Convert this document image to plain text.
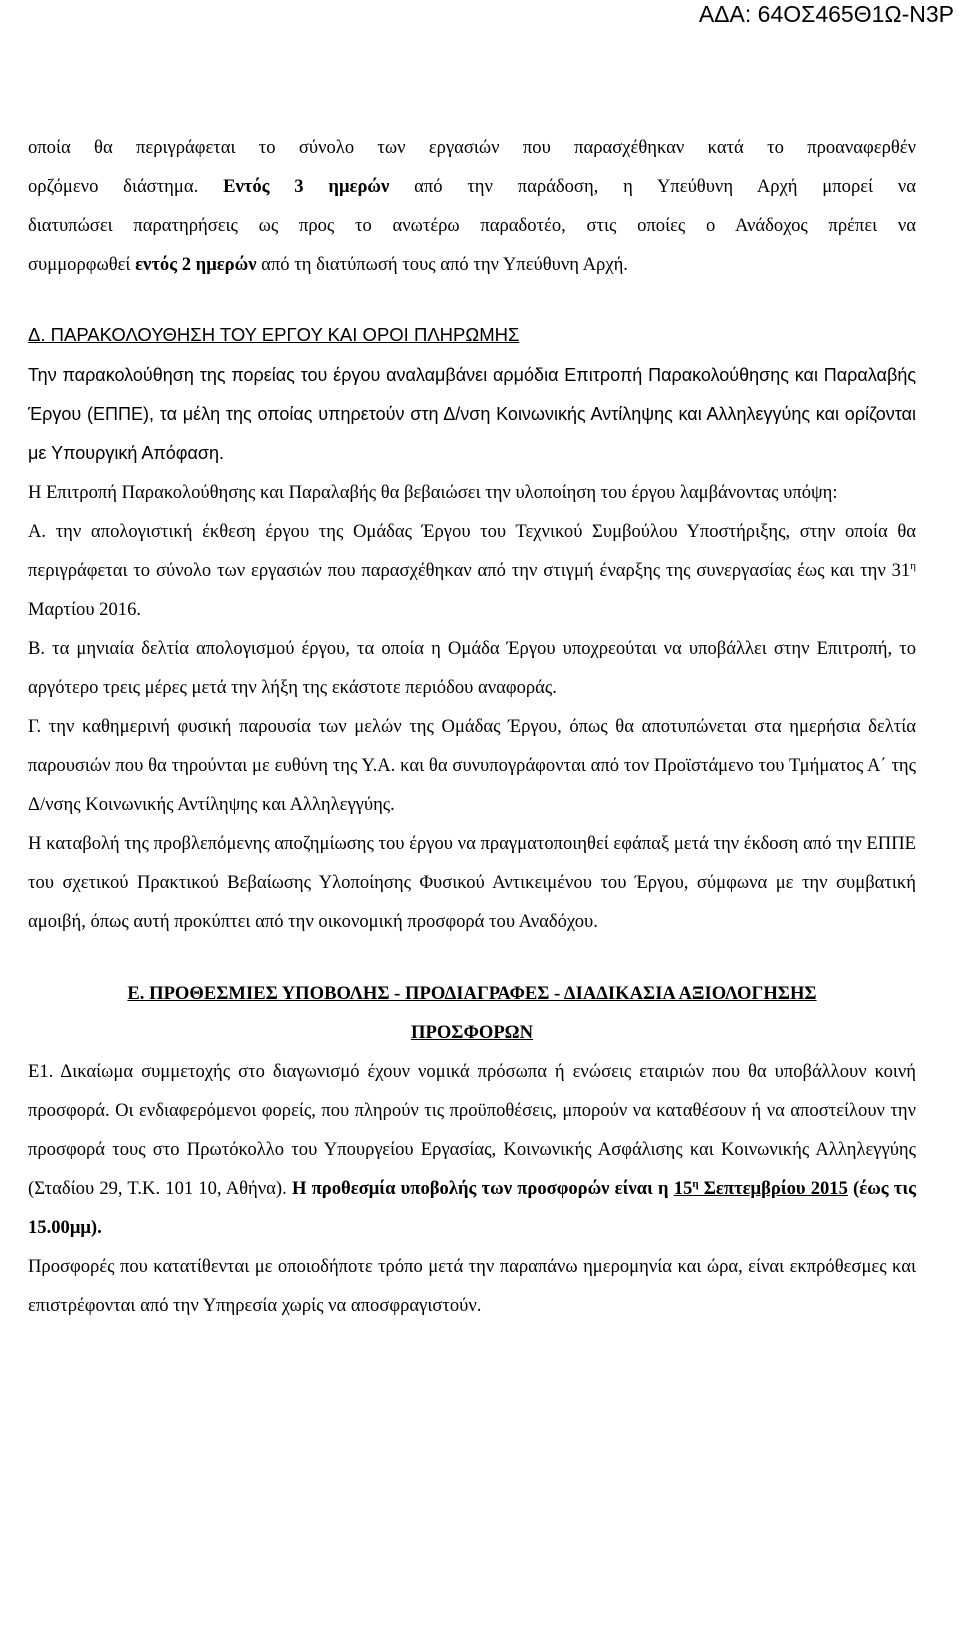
ΑΔΑ: 64ΟΣ465Θ1Ω-Ν3Ρ

οποία θα περιγράφεται το σύνολο των εργασιών που παρασχέθηκαν κατά το προαναφερθέν

ορζόμενο διάστημα. Εντός 3 ημερών από την παράδοση, η Υπεύθυνη Αρχή μπορεί να

διατυπώσει παρατηρήσεις ως προς το ανωτέρω παραδοτέο, στις οποίες ο Ανάδοχος πρέπει να

συμμορφωθεί εντός 2 ημερών από τη διατύπωσή τους από την Υπεύθυνη Αρχή.

Δ. ΠΑΡΑΚΟΛΟΥΘΗΣΗ ΤΟΥ ΕΡΓΟΥ ΚΑΙ ΟΡΟΙ ΠΛΗΡΩΜΗΣ

Την παρακολούθηση της πορείας του έργου αναλαμβάνει αρμόδια Επιτροπή Παρακολούθησης και Παραλαβής Έργου (ΕΠΠΕ), τα μέλη της οποίας υπηρετούν στη Δ/νση Κοινωνικής Αντίληψης και Αλληλεγγύης και ορίζονται με Υπουργική Απόφαση.

Η Επιτροπή Παρακολούθησης και Παραλαβής θα βεβαιώσει την υλοποίηση του έργου λαμβάνοντας υπόψη:

Α. την απολογιστική έκθεση έργου της Ομάδας Έργου του Τεχνικού Συμβούλου Υποστήριξης, στην οποία θα περιγράφεται το σύνολο των εργασιών που παρασχέθηκαν από την στιγμή έναρξης της συνεργασίας έως και την $31^\eta$ Μαρτίου 2016.

Β. τα μηνιαία δελτία απολογισμού έργου, τα οποία η Ομάδα Έργου υποχρεούται να υποβάλλει στην Επιτροπή, το αργότερο τρεις μέρες μετά την λήξη της εκάστοτε περιόδου αναφοράς.

Γ. την καθημερινή φυσική παρουσία των μελών της Ομάδας Έργου, όπως θα αποτυπώνεται στα ημερήσια δελτία παρουσιών που θα τηρούνται με ευθύνη της Υ.Α. και θα συνυπογράφονται από τον Προϊστάμενο του Τμήματος Α΄ της Δ/νσης Κοινωνικής Αντίληψης και Αλληλεγγύης.

Η καταβολή της προβλεπόμενης αποζημίωσης του έργου να πραγματοποιηθεί εφάπαξ μετά την έκδοση από την ΕΠΠΕ του σχετικού Πρακτικού Βεβαίωσης Υλοποίησης Φυσικού Αντικειμένου του Έργου, σύμφωνα με την συμβατική αμοιβή, όπως αυτή προκύπτει από την οικονομική προσφορά του Αναδόχου.

Ε. ΠΡΟΘΕΣΜΙΕΣ ΥΠΟΒΟΛΗΣ - ΠΡΟΔΙΑΓΡΑΦΕΣ - ΔΙΑΔΙΚΑΣΙΑ ΑΞΙΟΛΟΓΗΣΗΣ

ΠΡΟΣΦΟΡΩΝ

Ε1. Δικαίωμα συμμετοχής στο διαγωνισμό έχουν νομικά πρόσωπα ή ενώσεις εταιριών που θα υποβάλλουν κοινή προσφορά. Οι ενδιαφερόμενοι φορείς, που πληρούν τις προϋποθέσεις, μπορούν να καταθέσουν ή να αποστείλουν την προσφορά τους στο Πρωτόκολλο του Υπουργείου Εργασίας, Κοινωνικής Ασφάλισης και Κοινωνικής Αλληλεγγύης (Σταδίου 29, Τ.Κ. 101 10, Αθήνα). Η προθεσμία υποβολής των προσφορών είναι η $15^\eta$ Σεπτεμβρίου 2015 (έως τις 15.00μμ).

Προσφορές που κατατίθενται με οποιοδήποτε τρόπο μετά την παραπάνω ημερομηνία και ώρα, είναι εκπρόθεσμες και επιστρέφονται από την Υπηρεσία χωρίς να αποσφραγιστούν.
